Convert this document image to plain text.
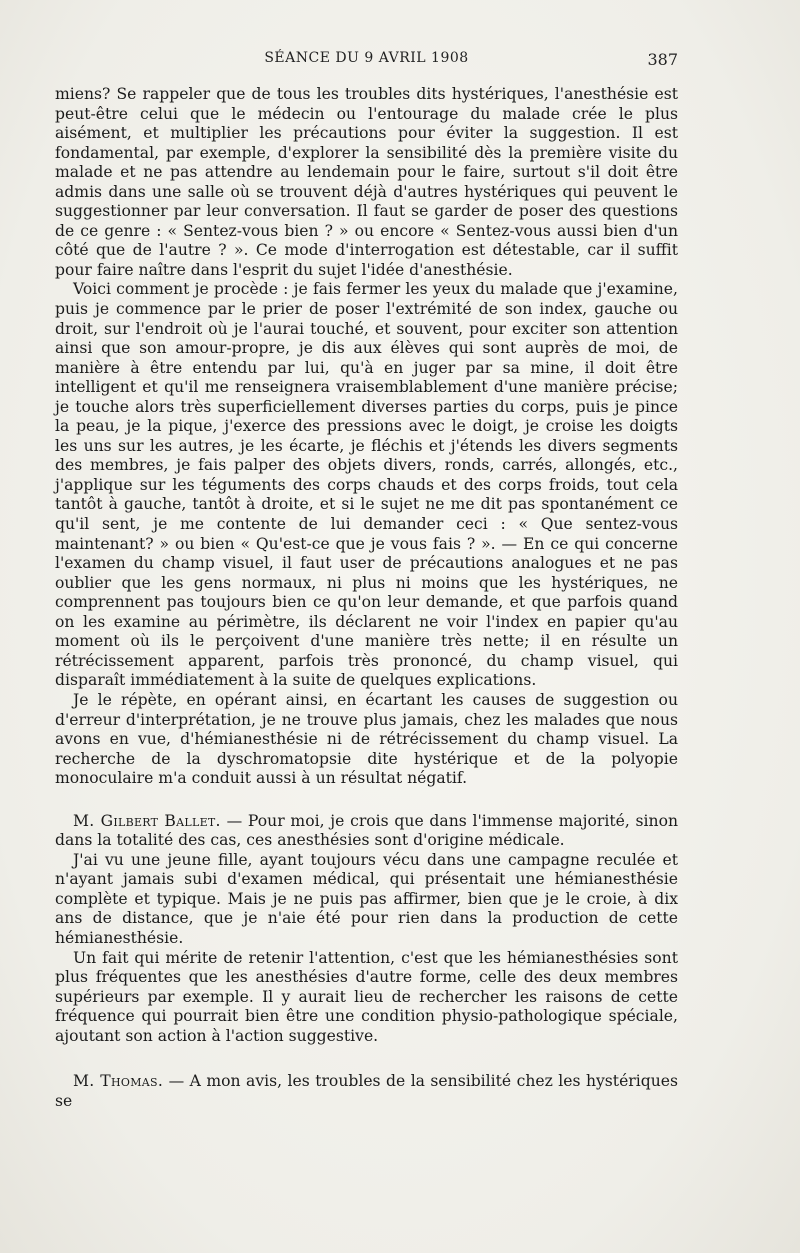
SÉANCE DU 9 AVRIL 1908	387

miens? Se rappeler que de tous les troubles dits hystériques, l'anesthésie est peut-être celui que le médecin ou l'entourage du malade crée le plus aisément, et multiplier les précautions pour éviter la suggestion. Il est fondamental, par exemple, d'explorer la sensibilité dès la première visite du malade et ne pas attendre au lendemain pour le faire, surtout s'il doit être admis dans une salle où se trouvent déjà d'autres hystériques qui peuvent le suggestionner par leur conversation. Il faut se garder de poser des questions de ce genre : « Sentez-vous bien ? » ou encore « Sentez-vous aussi bien d'un côté que de l'autre ? ». Ce mode d'interrogation est détestable, car il suffit pour faire naître dans l'esprit du sujet l'idée d'anesthésie.

Voici comment je procède : je fais fermer les yeux du malade que j'examine, puis je commence par le prier de poser l'extrémité de son index, gauche ou droit, sur l'endroit où je l'aurai touché, et souvent, pour exciter son attention ainsi que son amour-propre, je dis aux élèves qui sont auprès de moi, de manière à être entendu par lui, qu'à en juger par sa mine, il doit être intelligent et qu'il me renseignera vraisemblablement d'une manière précise; je touche alors très superficiellement diverses parties du corps, puis je pince la peau, je la pique, j'exerce des pressions avec le doigt, je croise les doigts les uns sur les autres, je les écarte, je fléchis et j'étends les divers segments des membres, je fais palper des objets divers, ronds, carrés, allongés, etc., j'applique sur les téguments des corps chauds et des corps froids, tout cela tantôt à gauche, tantôt à droite, et si le sujet ne me dit pas spontanément ce qu'il sent, je me contente de lui demander ceci : « Que sentez-vous maintenant? » ou bien « Qu'est-ce que je vous fais ? ». — En ce qui concerne l'examen du champ visuel, il faut user de précautions analogues et ne pas oublier que les gens normaux, ni plus ni moins que les hystériques, ne comprennent pas toujours bien ce qu'on leur demande, et que parfois quand on les examine au périmètre, ils déclarent ne voir l'index en papier qu'au moment où ils le perçoivent d'une manière très nette; il en résulte un rétrécissement apparent, parfois très prononcé, du champ visuel, qui disparaît immédiatement à la suite de quelques explications.

Je le répète, en opérant ainsi, en écartant les causes de suggestion ou d'erreur d'interprétation, je ne trouve plus jamais, chez les malades que nous avons en vue, d'hémianesthésie ni de rétrécissement du champ visuel. La recherche de la dyschromatopsie dite hystérique et de la polyopie monoculaire m'a conduit aussi à un résultat négatif.

M. Gilbert Ballet. — Pour moi, je crois que dans l'immense majorité, sinon dans la totalité des cas, ces anesthésies sont d'origine médicale.

J'ai vu une jeune fille, ayant toujours vécu dans une campagne reculée et n'ayant jamais subi d'examen médical, qui présentait une hémianesthésie complète et typique. Mais je ne puis pas affirmer, bien que je le croie, à dix ans de distance, que je n'aie été pour rien dans la production de cette hémianesthésie.

Un fait qui mérite de retenir l'attention, c'est que les hémianesthésies sont plus fréquentes que les anesthésies d'autre forme, celle des deux membres supérieurs par exemple. Il y aurait lieu de rechercher les raisons de cette fréquence qui pourrait bien être une condition physio-pathologique spéciale, ajoutant son action à l'action suggestive.

M. Thomas. — A mon avis, les troubles de la sensibilité chez les hystériques se
